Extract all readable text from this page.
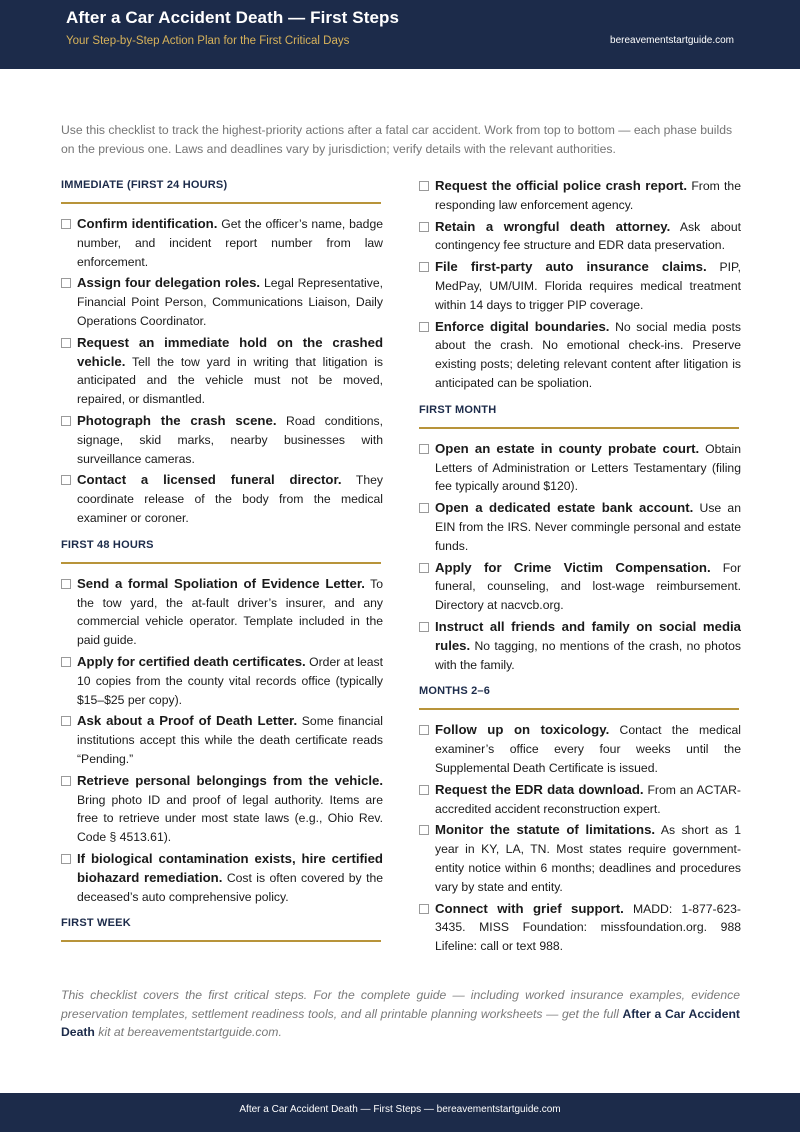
After a Car Accident Death — First Steps
Your Step-by-Step Action Plan for the First Critical Days	bereavementstartguide.com

Use this checklist to track the highest-priority actions after a fatal car accident. Work from top to bottom — each phase builds on the previous one. Laws and deadlines vary by jurisdiction; verify details with the relevant authorities.

IMMEDIATE (FIRST 24 HOURS)
Confirm identification. Get the officer’s name, badge number, and incident report number from law enforcement.
Assign four delegation roles. Legal Representative, Financial Point Person, Communications Liaison, Daily Operations Coordinator.
Request an immediate hold on the crashed vehicle. Tell the tow yard in writing that litigation is anticipated and the vehicle must not be moved, repaired, or dismantled.
Photograph the crash scene. Road conditions, signage, skid marks, nearby businesses with surveillance cameras.
Contact a licensed funeral director. They coordinate release of the body from the medical examiner or coroner.
FIRST 48 HOURS
Send a formal Spoliation of Evidence Letter. To the tow yard, the at-fault driver’s insurer, and any commercial vehicle operator. Template included in the paid guide.
Apply for certified death certificates. Order at least 10 copies from the county vital records office (typically $15–$25 per copy).
Ask about a Proof of Death Letter. Some financial institutions accept this while the death certificate reads “Pending.”
Retrieve personal belongings from the vehicle. Bring photo ID and proof of legal authority. Items are free to retrieve under most state laws (e.g., Ohio Rev. Code § 4513.61).
If biological contamination exists, hire certified biohazard remediation. Cost is often covered by the deceased’s auto comprehensive policy.
FIRST WEEK
Request the official police crash report. From the responding law enforcement agency.
Retain a wrongful death attorney. Ask about contingency fee structure and EDR data preservation.
File first-party auto insurance claims. PIP, MedPay, UM/UIM. Florida requires medical treatment within 14 days to trigger PIP coverage.
Enforce digital boundaries. No social media posts about the crash. No emotional check-ins. Preserve existing posts; deleting relevant content after litigation is anticipated can be spoliation.
FIRST MONTH
Open an estate in county probate court. Obtain Letters of Administration or Letters Testamentary (filing fee typically around $120).
Open a dedicated estate bank account. Use an EIN from the IRS. Never commingle personal and estate funds.
Apply for Crime Victim Compensation. For funeral, counseling, and lost-wage reimbursement. Directory at nacvcb.org.
Instruct all friends and family on social media rules. No tagging, no mentions of the crash, no photos with the family.
MONTHS 2–6
Follow up on toxicology. Contact the medical examiner’s office every four weeks until the Supplemental Death Certificate is issued.
Request the EDR data download. From an ACTAR-accredited accident reconstruction expert.
Monitor the statute of limitations. As short as 1 year in KY, LA, TN. Most states require government-entity notice within 6 months; deadlines and procedures vary by state and entity.
Connect with grief support. MADD: 1-877-623-3435. MISS Foundation: missfoundation.org. 988 Lifeline: call or text 988.

This checklist covers the first critical steps. For the complete guide — including worked insurance examples, evidence preservation templates, settlement readiness tools, and all printable planning worksheets — get the full After a Car Accident Death kit at bereavementstartguide.com.

After a Car Accident Death — First Steps — bereavementstartguide.com
